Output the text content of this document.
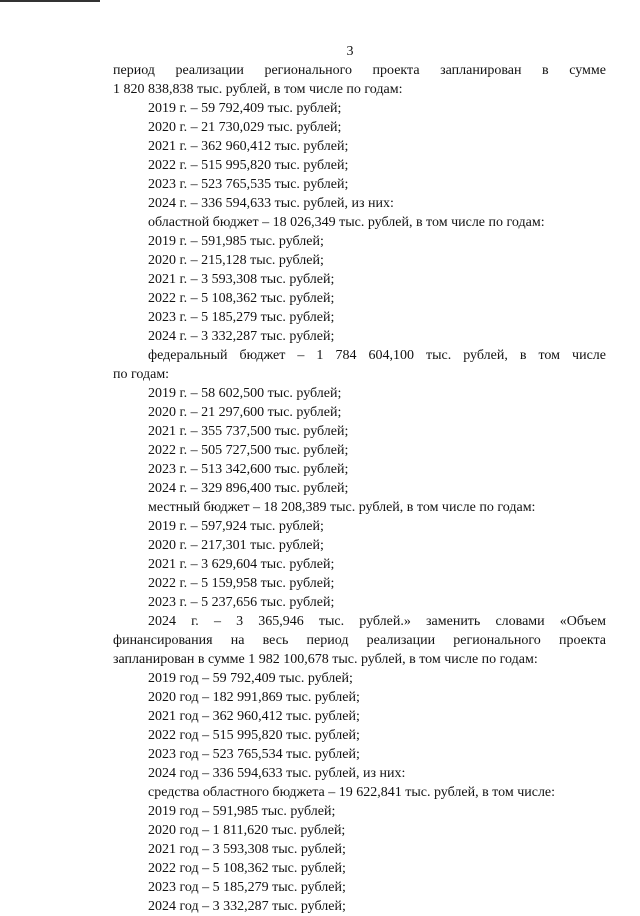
3
период реализации регионального проекта запланирован в сумме
1 820 838,838 тыс. рублей, в том числе по годам:
2019 г. – 59 792,409 тыс. рублей;
2020 г. – 21 730,029 тыс. рублей;
2021 г. – 362 960,412 тыс. рублей;
2022 г. – 515 995,820 тыс. рублей;
2023 г. – 523 765,535 тыс. рублей;
2024 г. – 336 594,633 тыс. рублей, из них:
областной бюджет – 18 026,349 тыс. рублей, в том числе по годам:
2019 г. – 591,985 тыс. рублей;
2020 г. – 215,128 тыс. рублей;
2021 г. – 3 593,308 тыс. рублей;
2022 г. – 5 108,362 тыс. рублей;
2023 г. – 5 185,279 тыс. рублей;
2024 г. – 3 332,287 тыс. рублей;
федеральный бюджет – 1 784 604,100 тыс. рублей, в том числе
по годам:
2019 г. – 58 602,500 тыс. рублей;
2020 г. – 21 297,600 тыс. рублей;
2021 г. – 355 737,500 тыс. рублей;
2022 г. – 505 727,500 тыс. рублей;
2023 г. – 513 342,600 тыс. рублей;
2024 г. – 329 896,400 тыс. рублей;
местный бюджет – 18 208,389 тыс. рублей, в том числе по годам:
2019 г. – 597,924 тыс. рублей;
2020 г. – 217,301 тыс. рублей;
2021 г. – 3 629,604 тыс. рублей;
2022 г. – 5 159,958 тыс. рублей;
2023 г. – 5 237,656 тыс. рублей;
2024 г. – 3 365,946 тыс. рублей.» заменить словами «Объем
финансирования на весь период реализации регионального проекта
запланирован в сумме 1 982 100,678 тыс. рублей, в том числе по годам:
2019 год – 59 792,409 тыс. рублей;
2020 год – 182 991,869 тыс. рублей;
2021 год – 362 960,412 тыс. рублей;
2022 год – 515 995,820 тыс. рублей;
2023 год – 523 765,534 тыс. рублей;
2024 год – 336 594,633 тыс. рублей, из них:
средства областного бюджета – 19 622,841 тыс. рублей, в том числе:
2019 год – 591,985 тыс. рублей;
2020 год – 1 811,620 тыс. рублей;
2021 год – 3 593,308 тыс. рублей;
2022 год – 5 108,362 тыс. рублей;
2023 год – 5 185,279 тыс. рублей;
2024 год – 3 332,287 тыс. рублей;
